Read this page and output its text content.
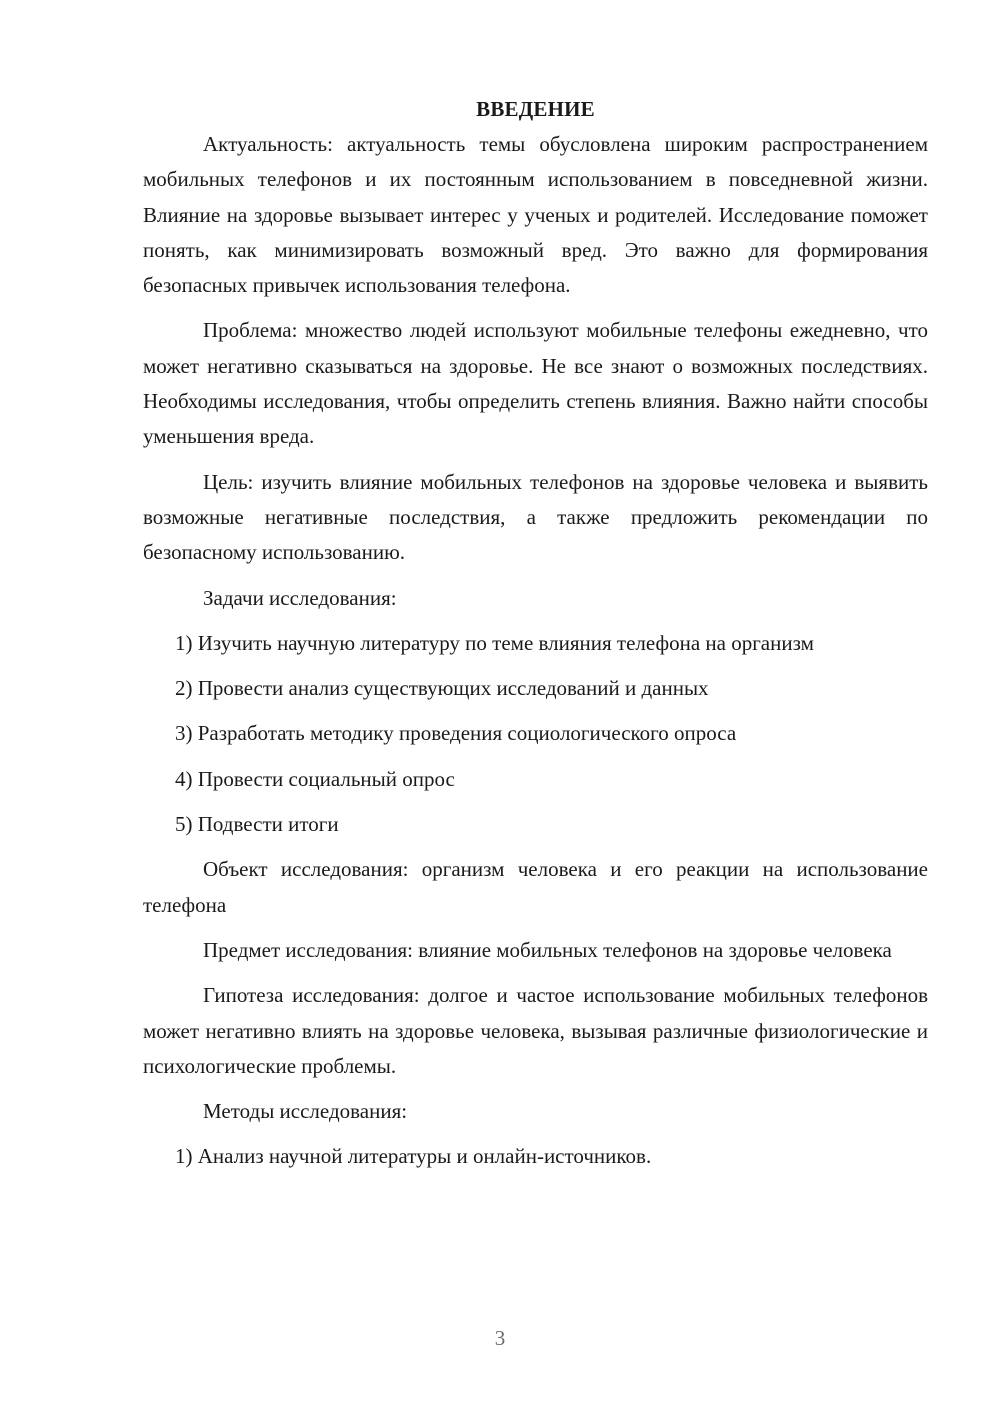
ВВЕДЕНИЕ

Актуальность: актуальность темы обусловлена широким распространением мобильных телефонов и их постоянным использованием в повседневной жизни. Влияние на здоровье вызывает интерес у ученых и родителей. Исследование поможет понять, как минимизировать возможный вред. Это важно для формирования безопасных привычек использования телефона.

Проблема: множество людей используют мобильные телефоны ежедневно, что может негативно сказываться на здоровье. Не все знают о возможных последствиях. Необходимы исследования, чтобы определить степень влияния. Важно найти способы уменьшения вреда.

Цель: изучить влияние мобильных телефонов на здоровье человека и выявить возможные негативные последствия, а также предложить рекомендации по безопасному использованию.

Задачи исследования:

1) Изучить научную литературу по теме влияния телефона на организм

2) Провести анализ существующих исследований и данных

3) Разработать методику проведения социологического опроса

4) Провести социальный опрос

5) Подвести итоги

Объект исследования: организм человека и его реакции на использование телефона

Предмет исследования: влияние мобильных телефонов на здоровье человека

Гипотеза исследования: долгое и частое использование мобильных телефонов может негативно влиять на здоровье человека, вызывая различные физиологические и психологические проблемы.

Методы исследования:

1) Анализ научной литературы и онлайн-источников.

3
